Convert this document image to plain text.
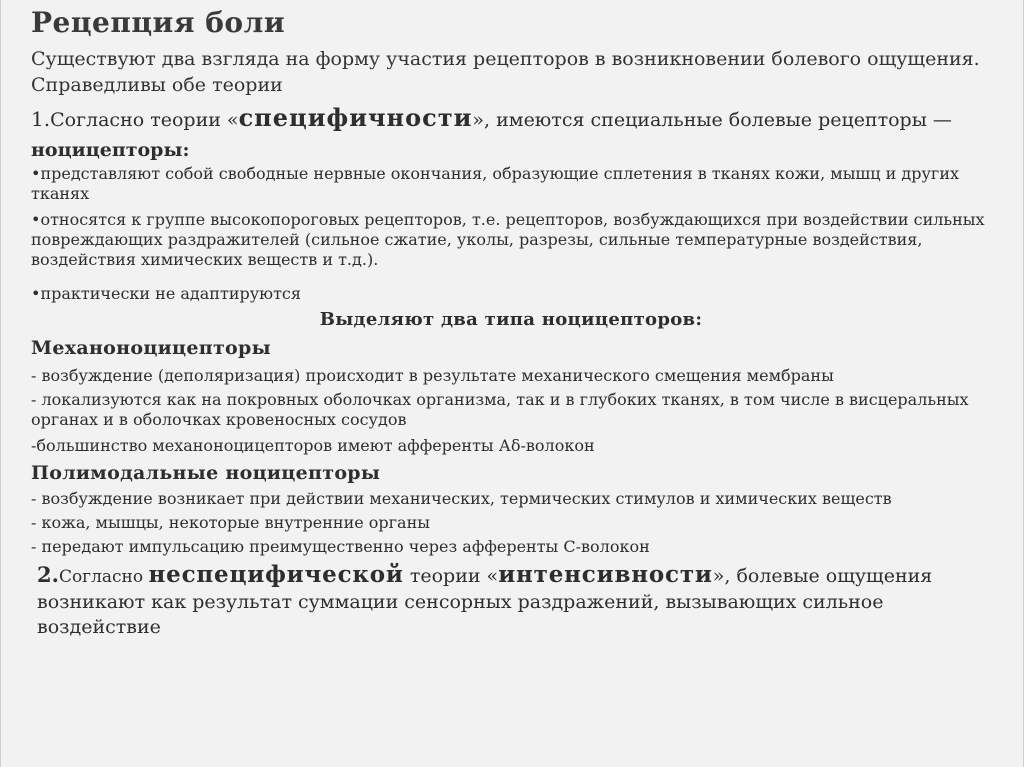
Рецепция боли
Существуют два взгляда на форму участия рецепторов в возникновении болевого ощущения. Справедливы обе теории
1.Согласно теории «специфичности», имеются специальные болевые рецепторы —
ноцицепторы:
•представляют собой свободные нервные окончания, образующие сплетения в тканях кожи, мышц и других тканях
•относятся к группе высокопороговых рецепторов, т.е. рецепторов, возбуждающихся при воздействии сильных повреждающих раздражителей (сильное сжатие, уколы, разрезы, сильные температурные воздействия, воздействия химических веществ и т.д.).
•практически не адаптируются
Выделяют два типа ноцицепторов:
Механоноцицепторы
- возбуждение (деполяризация) происходит в результате механического смещения мембраны
- локализуются как на покровных оболочках организма, так и в глубоких тканях, в том числе в висцеральных органах и в оболочках кровеносных сосудов
-большинство механоноцицепторов имеют афференты Аδ-волокон
Полимодальные ноцицепторы
- возбуждение возникает при действии механических, термических стимулов и химических веществ
- кожа, мышцы, некоторые внутренние органы
- передают импульсацию преимущественно через афференты С-волокон
2.Согласно неспецифической теории «интенсивности», болевые ощущения возникают как результат суммации сенсорных раздражений, вызывающих сильное воздействие
